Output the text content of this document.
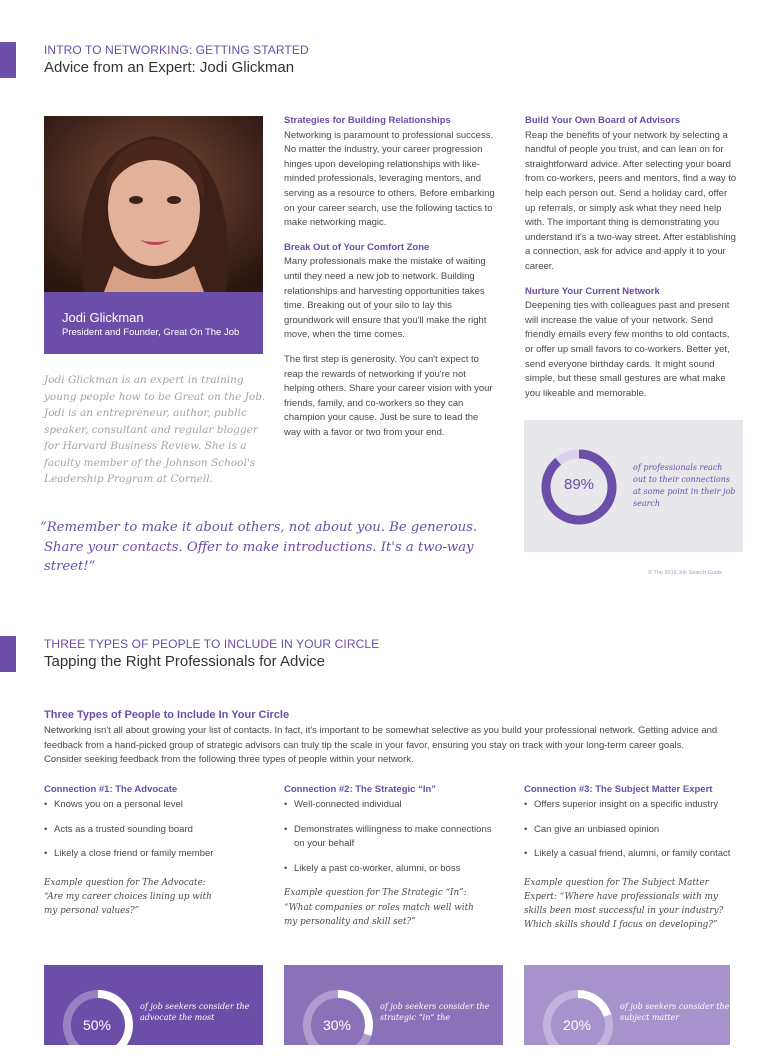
INTRO TO NETWORKING: GETTING STARTED
Advice from an Expert: Jodi Glickman
Jodi Glickman
President and Founder, Great On The Job
Jodi Glickman is an expert in training young people how to be Great on the Job. Jodi is an entrepreneur, author, public speaker, consultant and regular blogger for Harvard Business Review. She is a faculty member of the Johnson School's Leadership Program at Cornell.
Strategies for Building Relationships

Networking is paramount to professional success. No matter the industry, your career progression hinges upon developing relationships with like-minded professionals, leveraging mentors, and serving as a resource to others. Before embarking on your career search, use the following tactics to make networking magic.

Break Out of Your Comfort Zone

Many professionals make the mistake of waiting until they need a new job to network. Building relationships and harvesting opportunities takes time. Breaking out of your silo to lay this groundwork will ensure that you'll make the right move, when the time comes.

The first step is generosity. You can't expect to reap the rewards of networking if you're not helping others. Share your career vision with your friends, family, and co-workers so they can champion your cause. Just be sure to lead the way with a favor or two from your end.

Build Your Own Board of Advisors

Reap the benefits of your network by selecting a handful of people you trust, and can lean on for straightforward advice. After selecting your board from co-workers, peers and mentors, find a way to help each person out. Send a holiday card, offer up referrals, or simply ask what they need help with. The important thing is demonstrating you understand it's a two-way street. After establishing a connection, ask for advice and apply it to your career.

Nurture Your Current Network

Deepening ties with colleagues past and present will increase the value of your network. Send friendly emails every few months to old contacts, or offer up small favors to co-workers. Better yet, send everyone birthday cards. It might sound simple, but these small gestures are what make you likeable and memorable.

“Remember to make it about others, not about you. Be generous.
Share your contacts. Offer to make introductions. It's a two-way street!”
89%
of professionals reach out to their connections at some point in their job search
© The 2016 Job Search Guide
THREE TYPES OF PEOPLE TO INCLUDE IN YOUR CIRCLE
Tapping the Right Professionals for Advice
Three Types of People to Include In Your Circle
Networking isn't all about growing your list of contacts. In fact, it's important to be somewhat selective as you build your professional network. Getting advice and feedback from a hand-picked group of strategic advisors can truly tip the scale in your favor, ensuring you stay on track with your long-term career goals. Consider seeking feedback from the following three types of people within your network.
Connection #1: The Advocate
• Knows you on a personal level
• Acts as a trusted sounding board
• Likely a close friend or family member
Example question for The Advocate: “Are my career choices lining up with my personal values?”
Connection #2: The Strategic “In”
• Well-connected individual
• Demonstrates willingness to make connections on your behalf
• Likely a past co-worker, alumni, or boss
Example question for The Strategic “In”: “What companies or roles match well with my personality and skill set?”
Connection #3: The Subject Matter Expert
• Offers superior insight on a specific industry
• Can give an unbiased opinion
• Likely a casual friend, alumni, or family contact
Example question for The Subject Matter Expert: “Where have professionals with my skills been most successful in your industry? Which skills should I focus on developing?”
50%
of job seekers consider the advocate the most	30%
of job seekers consider the strategic “in” the	20%
of job seekers consider the subject matter
